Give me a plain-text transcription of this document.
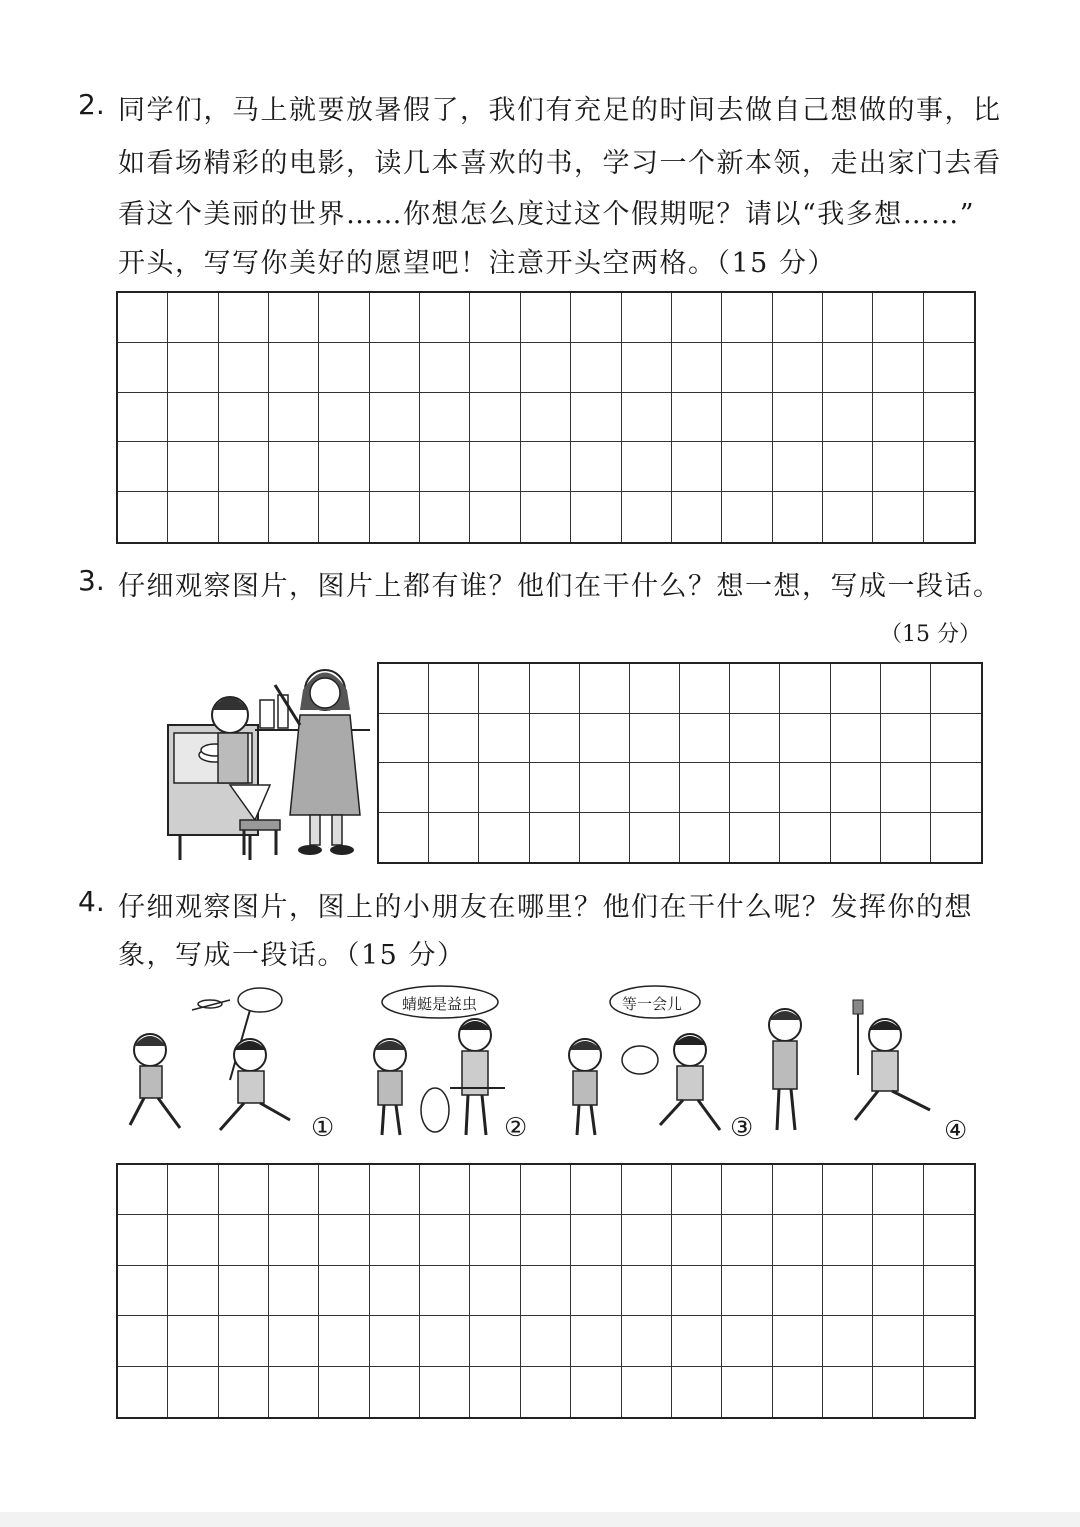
2. 同学们，马上就要放暑假了，我们有充足的时间去做自己想做的事，比
如看场精彩的电影，读几本喜欢的书，学习一个新本领，走出家门去看
看这个美丽的世界……你想怎么度过这个假期呢？请以“我多想……”
开头，写写你美好的愿望吧！注意开头空两格。（15 分）
3. 仔细观察图片，图片上都有谁？他们在干什么？想一想，写成一段话。
（15 分）
4. 仔细观察图片，图上的小朋友在哪里？他们在干什么呢？发挥你的想
象，写成一段话。（15 分）
蜻蜓是益虫	等一会儿
①	②	③	④
